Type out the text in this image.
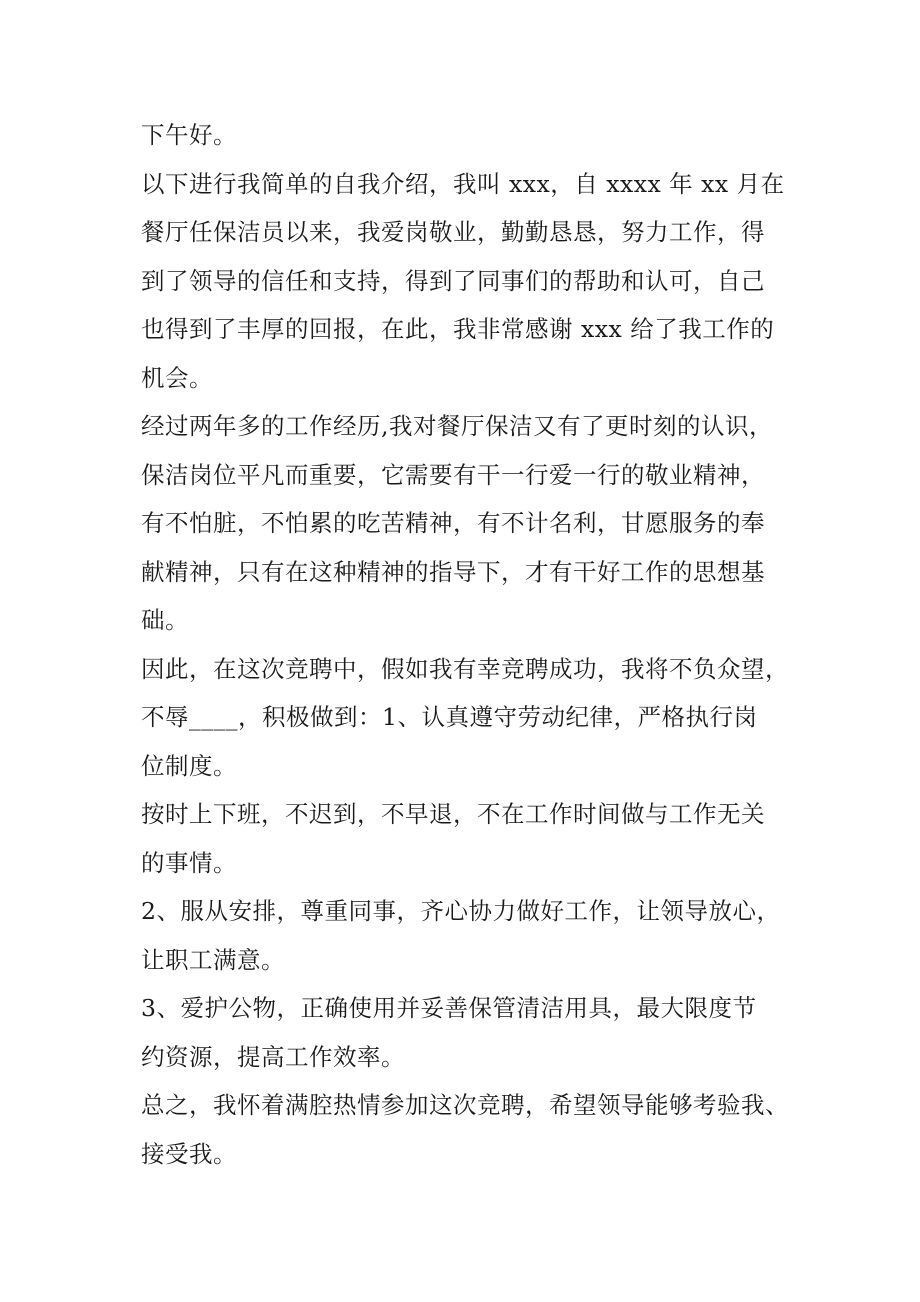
下午好。
以下进行我简单的自我介绍，我叫 xxx，自 xxxx 年 xx 月在
餐厅任保洁员以来，我爱岗敬业，勤勤恳恳，努力工作，得
到了领导的信任和支持，得到了同事们的帮助和认可，自己
也得到了丰厚的回报，在此，我非常感谢 xxx 给了我工作的
机会。
经过两年多的工作经历,我对餐厅保洁又有了更时刻的认识，
保洁岗位平凡而重要，它需要有干一行爱一行的敬业精神，
有不怕脏，不怕累的吃苦精神，有不计名利，甘愿服务的奉
献精神，只有在这种精神的指导下，才有干好工作的思想基
础。
因此，在这次竞聘中，假如我有幸竞聘成功，我将不负众望，
不辱____，积极做到：1、认真遵守劳动纪律，严格执行岗
位制度。
按时上下班，不迟到，不早退，不在工作时间做与工作无关
的事情。
2、服从安排，尊重同事，齐心协力做好工作，让领导放心，
让职工满意。
3、爱护公物，正确使用并妥善保管清洁用具，最大限度节
约资源，提高工作效率。
总之，我怀着满腔热情参加这次竞聘，希望领导能够考验我、
接受我。
